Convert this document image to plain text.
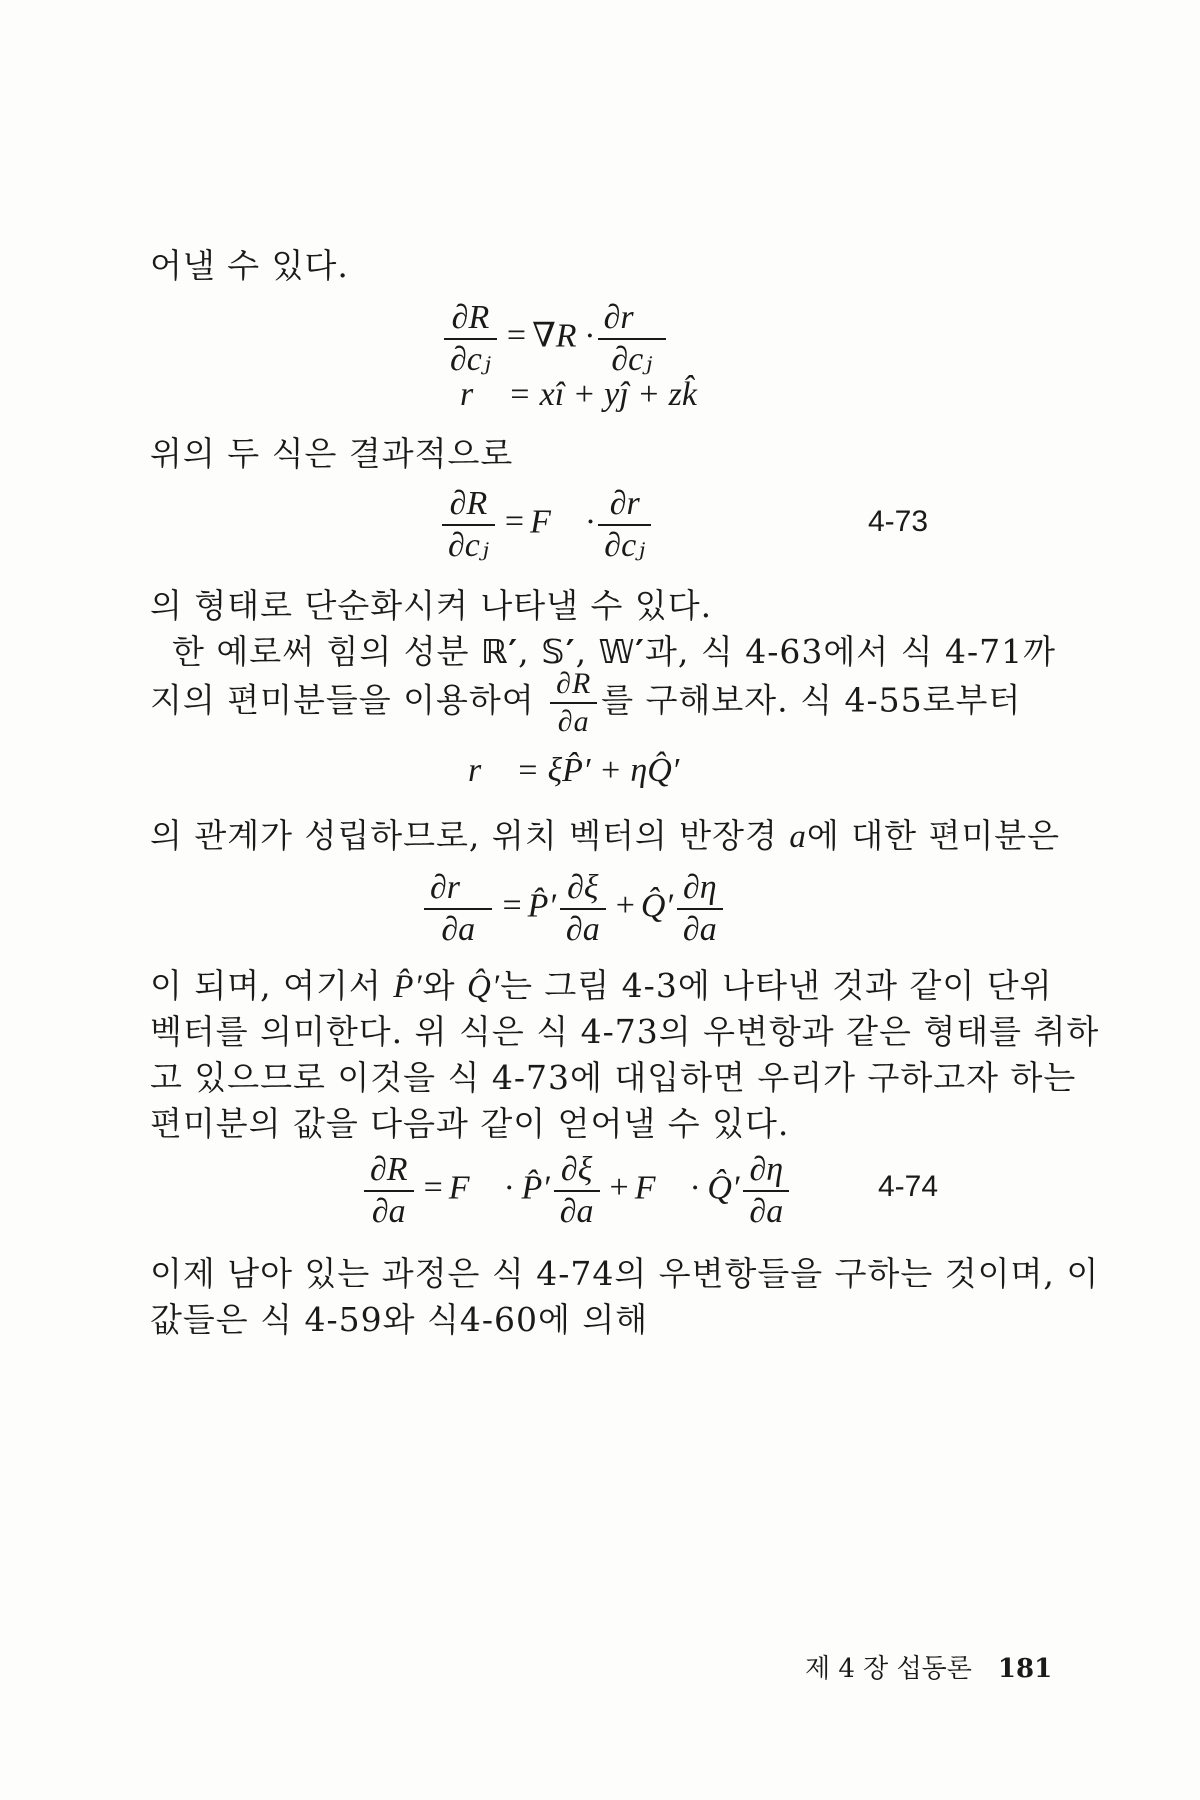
어낼 수 있다.
$\frac{\partial R}{\text{∂cⱼ}} = \nabla R \cdot \frac{\partial r⃗}{\text{∂cⱼ}}$
r⃗ = xî + yĵ + zk̂
위의 두 식은 결과적으로
$\frac{\partial R}{\text{∂cⱼ}}$ = F⃗ · $\frac{\partial r}{\text{∂cⱼ}}$	4-73
의 형태로 단순화시켜 나타낼 수 있다.
한 예로써 힘의 성분 ℝ′, 𝕊′, 𝕎′과, 식 4-63에서 식 4-71까
지의 편미분들을 이용하여 $\frac{\partial R}{\partial a}$ 를 구해보자. 식 4-55로부터
r⃗ = ξP̂′ + ηQ̂′
의 관계가 성립하므로, 위치 벡터의 반장경 a에 대한 편미분은
$\frac{\partial r⃗}{\partial a}$ = P̂′ $\frac{\partial\xi}{\partial a}$ + Q̂′ $\frac{\partial\eta}{\partial a}$
이 되며, 여기서 P̂′와 Q̂′는 그림 4-3에 나타낸 것과 같이 단위
벡터를 의미한다. 위 식은 식 4-73의 우변항과 같은 형태를 취하
고 있으므로 이것을 식 4-73에 대입하면 우리가 구하고자 하는
편미분의 값을 다음과 같이 얻어낼 수 있다.
$\frac{\partial R}{\partial a}$ = F⃗ · P̂′ $\frac{\partial\xi}{\partial a}$ + F⃗ · Q̂′ $\frac{\partial\eta}{\partial a}$	4-74
이제 남아 있는 과정은 식 4-74의 우변항들을 구하는 것이며, 이
값들은 식 4-59와 식4-60에 의해
제 4 장 섭동론 181
